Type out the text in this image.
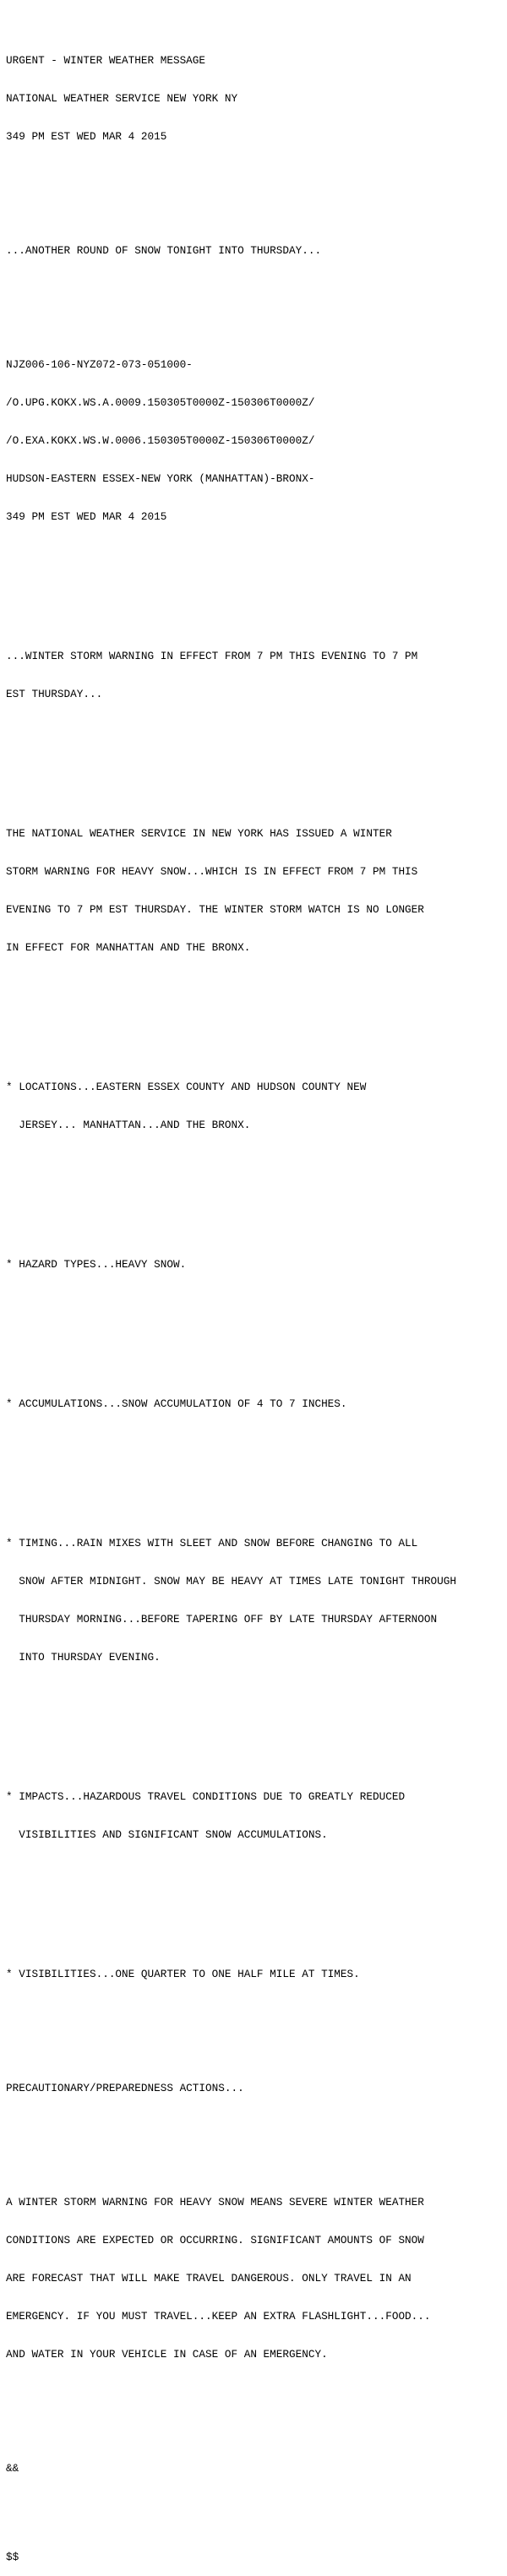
URGENT - WINTER WEATHER MESSAGE

NATIONAL WEATHER SERVICE NEW YORK NY

349 PM EST WED MAR 4 2015

...ANOTHER ROUND OF SNOW TONIGHT INTO THURSDAY...

NJZ006-106-NYZ072-073-051000-

/O.UPG.KOKX.WS.A.0009.150305T0000Z-150306T0000Z/

/O.EXA.KOKX.WS.W.0006.150305T0000Z-150306T0000Z/

HUDSON-EASTERN ESSEX-NEW YORK (MANHATTAN)-BRONX-

349 PM EST WED MAR 4 2015

...WINTER STORM WARNING IN EFFECT FROM 7 PM THIS EVENING TO 7 PM

EST THURSDAY...

THE NATIONAL WEATHER SERVICE IN NEW YORK HAS ISSUED A WINTER

STORM WARNING FOR HEAVY SNOW...WHICH IS IN EFFECT FROM 7 PM THIS

EVENING TO 7 PM EST THURSDAY. THE WINTER STORM WATCH IS NO LONGER

IN EFFECT FOR MANHATTAN AND THE BRONX.

* LOCATIONS...EASTERN ESSEX COUNTY AND HUDSON COUNTY NEW

JERSEY... MANHATTAN...AND THE BRONX.

* HAZARD TYPES...HEAVY SNOW.

* ACCUMULATIONS...SNOW ACCUMULATION OF 4 TO 7 INCHES.

* TIMING...RAIN MIXES WITH SLEET AND SNOW BEFORE CHANGING TO ALL

SNOW AFTER MIDNIGHT. SNOW MAY BE HEAVY AT TIMES LATE TONIGHT THROUGH

THURSDAY MORNING...BEFORE TAPERING OFF BY LATE THURSDAY AFTERNOON

INTO THURSDAY EVENING.

* IMPACTS...HAZARDOUS TRAVEL CONDITIONS DUE TO GREATLY REDUCED

VISIBILITIES AND SIGNIFICANT SNOW ACCUMULATIONS.

* VISIBILITIES...ONE QUARTER TO ONE HALF MILE AT TIMES.

PRECAUTIONARY/PREPAREDNESS ACTIONS...

A WINTER STORM WARNING FOR HEAVY SNOW MEANS SEVERE WINTER WEATHER

CONDITIONS ARE EXPECTED OR OCCURRING. SIGNIFICANT AMOUNTS OF SNOW

ARE FORECAST THAT WILL MAKE TRAVEL DANGEROUS. ONLY TRAVEL IN AN

EMERGENCY. IF YOU MUST TRAVEL...KEEP AN EXTRA FLASHLIGHT...FOOD...

AND WATER IN YOUR VEHICLE IN CASE OF AN EMERGENCY.

&&

$$
